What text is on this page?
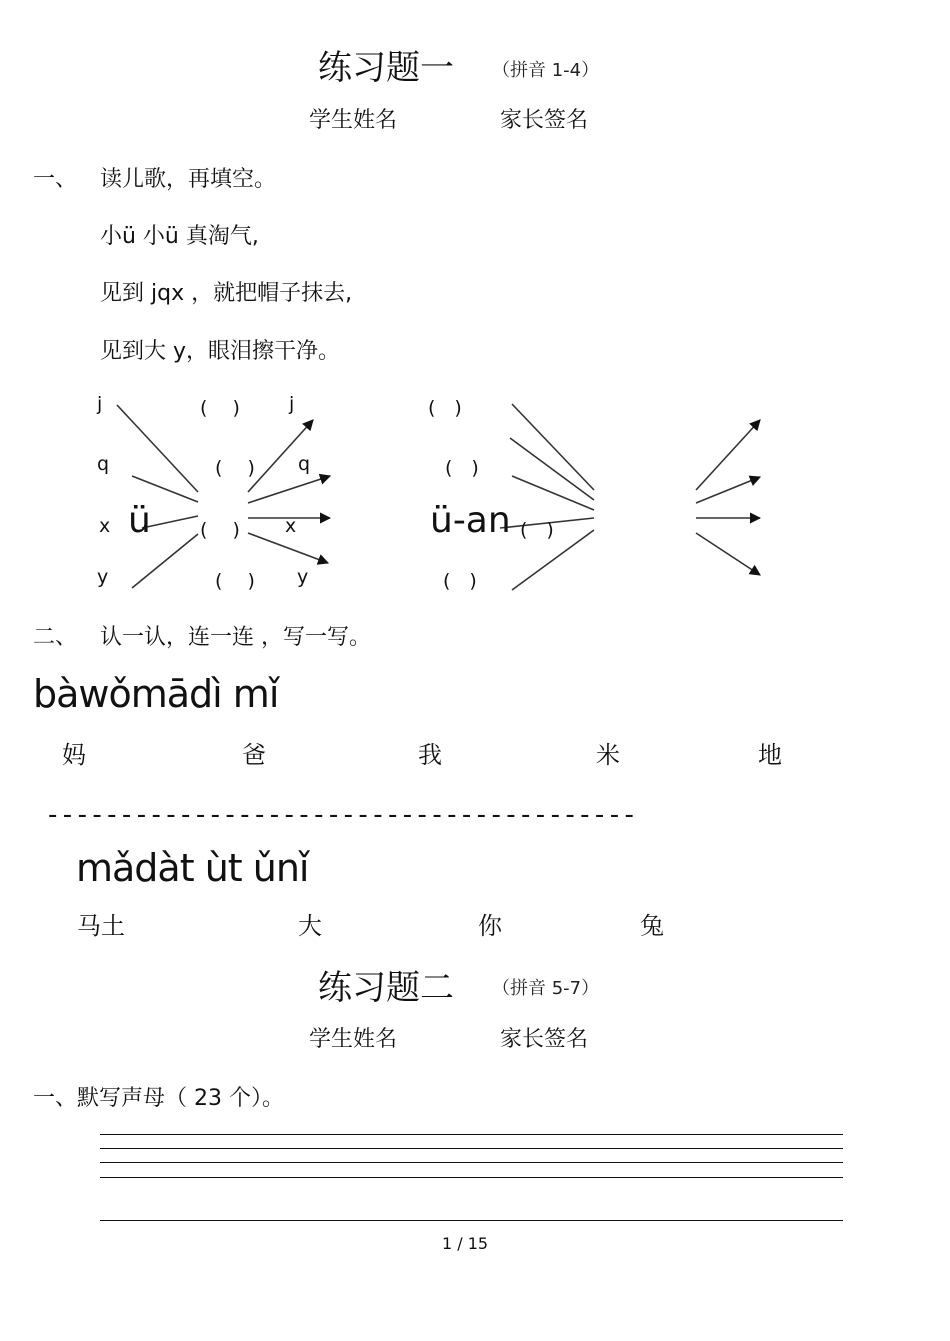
练习题一 （拼音 1-4）
学生姓名	家长签名
一、 读儿歌，再填空。
小ü 小ü 真淘气,
见到 jqx ，就把帽子抹去,
见到大 y，眼泪擦干净。
j
q
x
y
ü
(　 )
(　 )
(　 )
(　 )
j
q
x
y
(　)
(　)
ü-an (　)
(　)
二、 认一认，连一连 ，写一写。
bàwǒmādì mǐ
妈	爸	我	米	地
----------------------------------------
mǎdàt ùt ǔnǐ
马土	大	你	兔
练习题二 （拼音 5-7）
学生姓名	家长签名
一、默写声母（ 23 个）。
1 / 15
